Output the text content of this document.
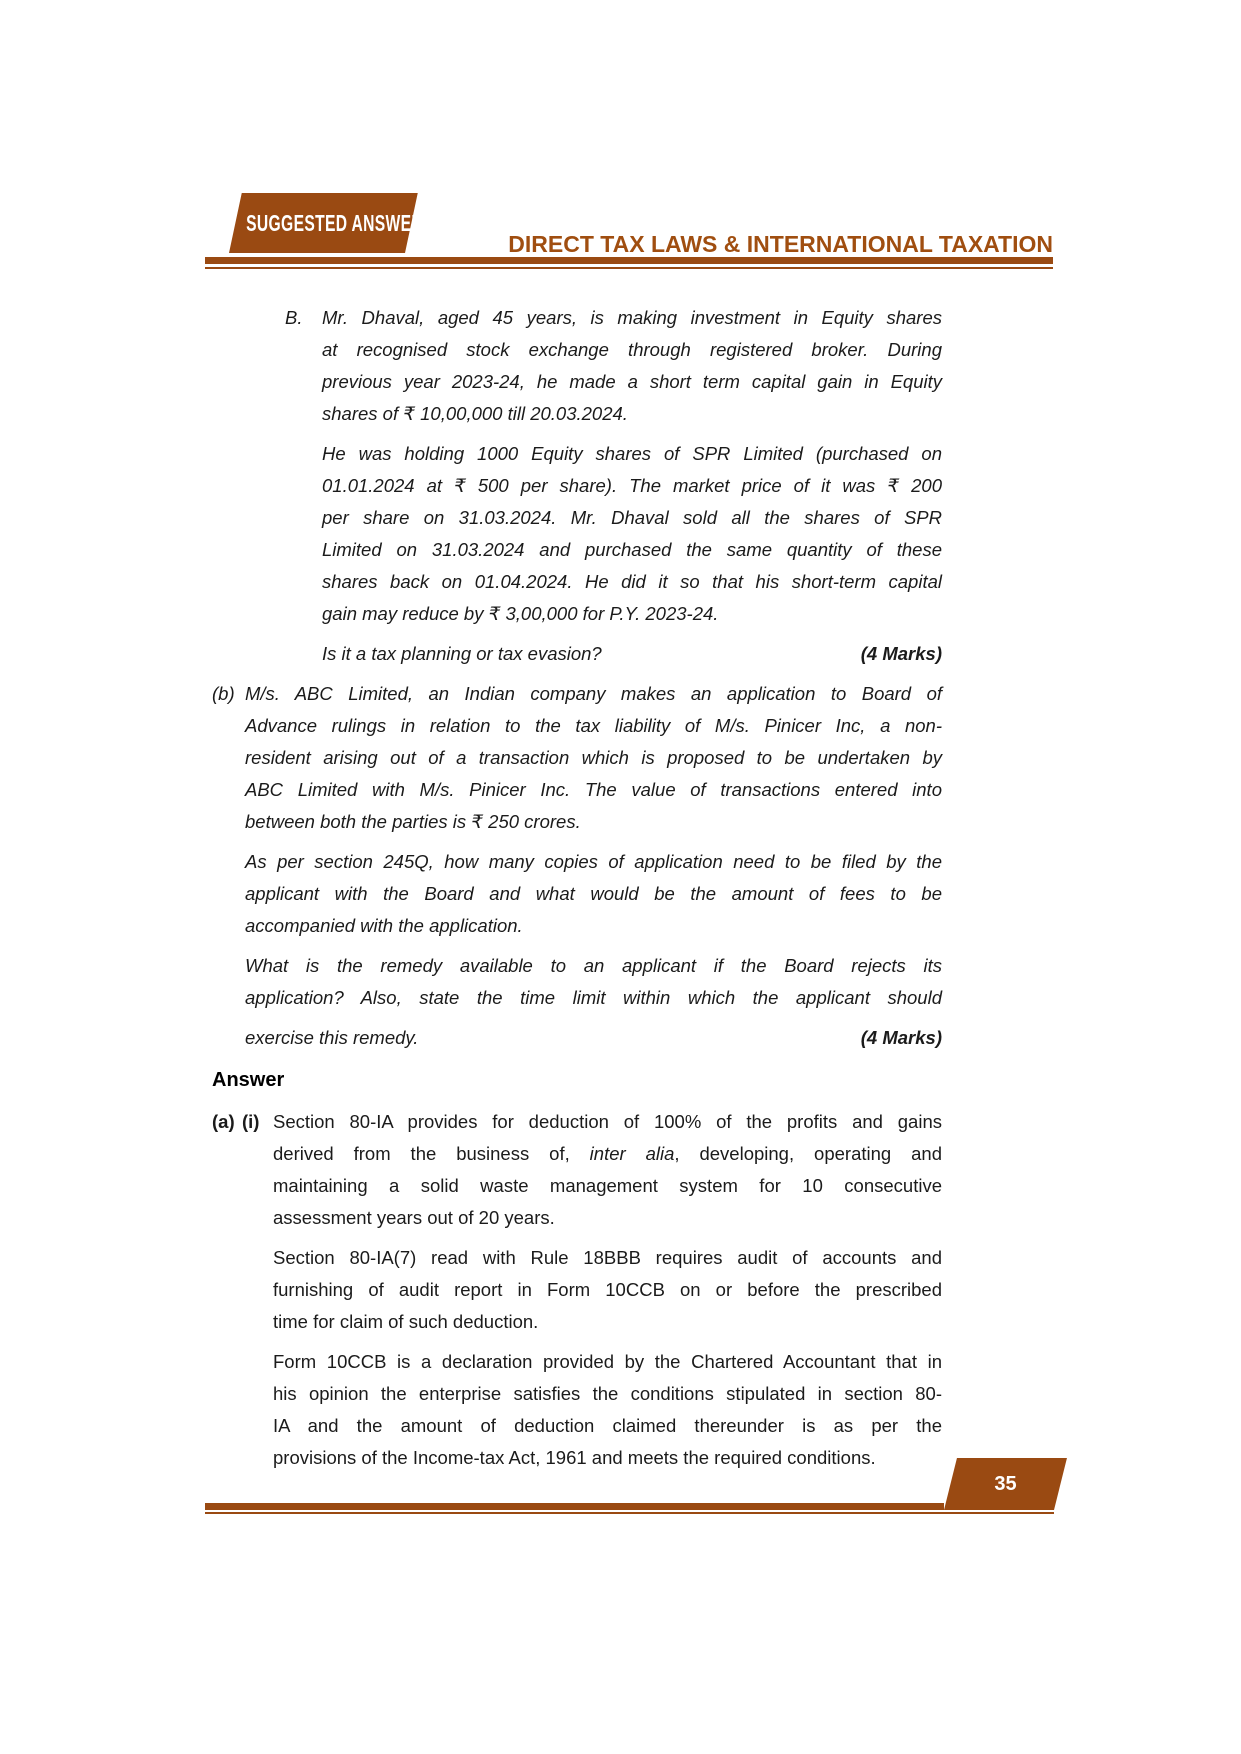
SUGGESTED ANSWER
DIRECT TAX LAWS & INTERNATIONAL TAXATION
B. Mr. Dhaval, aged 45 years, is making investment in Equity shares
at recognised stock exchange through registered broker. During
previous year 2023-24, he made a short term capital gain in Equity
shares of ₹ 10,00,000 till 20.03.2024.
He was holding 1000 Equity shares of SPR Limited (purchased on
01.01.2024 at ₹ 500 per share). The market price of it was ₹ 200
per share on 31.03.2024. Mr. Dhaval sold all the shares of SPR
Limited on 31.03.2024 and purchased the same quantity of these
shares back on 01.04.2024. He did it so that his short-term capital
gain may reduce by ₹ 3,00,000 for P.Y. 2023-24.
Is it a tax planning or tax evasion?	(4 Marks)
(b) M/s. ABC Limited, an Indian company makes an application to Board of
Advance rulings in relation to the tax liability of M/s. Pinicer Inc, a non-
resident arising out of a transaction which is proposed to be undertaken by
ABC Limited with M/s. Pinicer Inc. The value of transactions entered into
between both the parties is ₹ 250 crores.
As per section 245Q, how many copies of application need to be filed by the
applicant with the Board and what would be the amount of fees to be
accompanied with the application.
What is the remedy available to an applicant if the Board rejects its
application? Also, state the time limit within which the applicant should
exercise this remedy.	(4 Marks)
Answer
(a) (i) Section 80-IA provides for deduction of 100% of the profits and gains
derived from the business of, inter alia, developing, operating and
maintaining a solid waste management system for 10 consecutive
assessment years out of 20 years.
Section 80-IA(7) read with Rule 18BBB requires audit of accounts and
furnishing of audit report in Form 10CCB on or before the prescribed
time for claim of such deduction.
Form 10CCB is a declaration provided by the Chartered Accountant that in
his opinion the enterprise satisfies the conditions stipulated in section 80-
IA and the amount of deduction claimed thereunder is as per the
provisions of the Income-tax Act, 1961 and meets the required conditions.
35
